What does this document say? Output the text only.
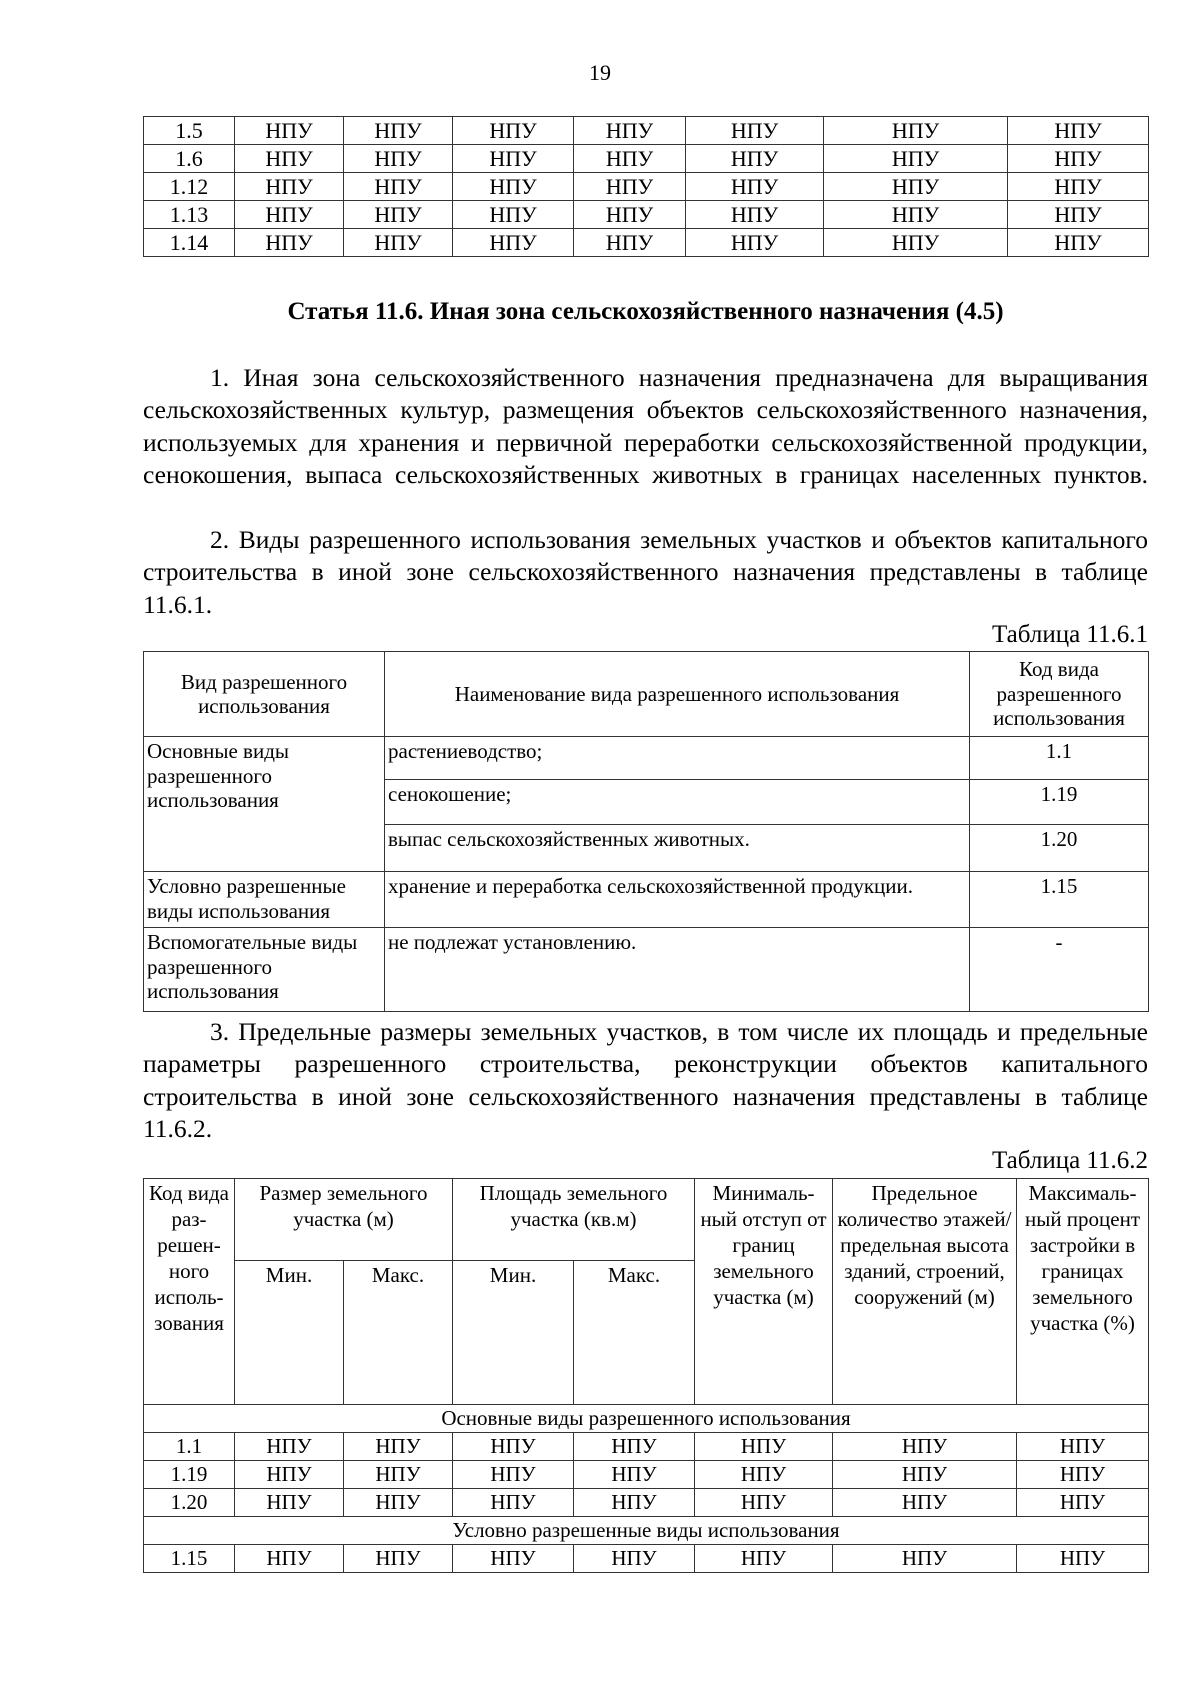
19
1.5	НПУ	НПУ	НПУ	НПУ	НПУ	НПУ	НПУ
1.6	НПУ	НПУ	НПУ	НПУ	НПУ	НПУ	НПУ
1.12	НПУ	НПУ	НПУ	НПУ	НПУ	НПУ	НПУ
1.13	НПУ	НПУ	НПУ	НПУ	НПУ	НПУ	НПУ
1.14	НПУ	НПУ	НПУ	НПУ	НПУ	НПУ	НПУ
Статья 11.6. Иная зона сельскохозяйственного назначения (4.5)

1. Иная зона сельскохозяйственного назначения предназначена для выращивания сельскохозяйственных культур, размещения объектов сельскохозяйственного назначения, используемых для хранения и первичной переработки сельскохозяйственной продукции, сенокошения, выпаса сельскохозяйственных животных в границах населенных пунктов.

2. Виды разрешенного использования земельных участков и объектов капитального строительства в иной зоне сельскохозяйственного назначения представлены в таблице 11.6.1.

Таблица 11.6.1
Вид разрешенного использования	Наименование вида разрешенного использования	Код вида разрешенного использования
Основные виды разрешенного использования	растениеводство;	1.1
	сенокошение;	1.19
	выпас сельскохозяйственных животных.	1.20
Условно разрешенные виды использования	хранение и переработка сельскохозяйственной продукции.	1.15
Вспомогательные виды разрешенного использования	не подлежат установлению.	-

3. Предельные размеры земельных участков, в том числе их площадь и предельные параметры разрешенного строительства, реконструкции объектов капитального строительства в иной зоне сельскохозяйственного назначения представлены в таблице 11.6.2.

Таблица 11.6.2
Код вида раз-решен-ного исполь-зования	Размер земельного участка (м)		Площадь земельного участка (кв.м)		Минималь-ный отступ от границ земельного участка (м)	Предельное количество этажей/ предельная высота зданий, строений, сооружений (м)	Максималь-ный процент застройки в границах земельного участка (%)
	Мин.	Макс.	Мин.	Макс.			
Основные виды разрешенного использования							
1.1	НПУ	НПУ	НПУ	НПУ	НПУ	НПУ	НПУ
1.19	НПУ	НПУ	НПУ	НПУ	НПУ	НПУ	НПУ
1.20	НПУ	НПУ	НПУ	НПУ	НПУ	НПУ	НПУ
Условно разрешенные виды использования							
1.15	НПУ	НПУ	НПУ	НПУ	НПУ	НПУ	НПУ
